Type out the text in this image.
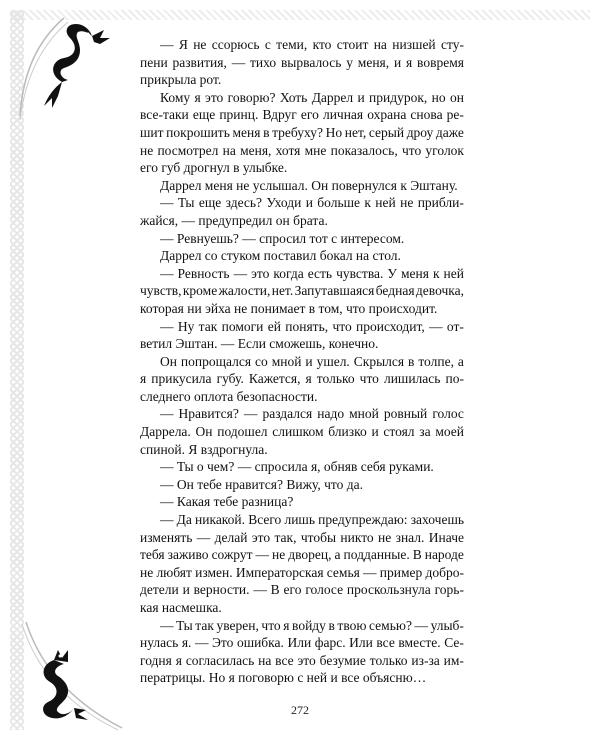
— Я не ссорюсь с теми, кто стоит на низшей сту-
пени развития, — тихо вырвалось у меня, и я вовремя
прикрыла рот.
Кому я это говорю? Хоть Даррел и придурок, но он
все-таки еще принц. Вдруг его личная охрана снова ре-
шит покрошить меня в требуху? Но нет, серый дроу даже
не посмотрел на меня, хотя мне показалось, что уголок
его губ дрогнул в улыбке.
Даррел меня не услышал. Он повернулся к Эштану.
— Ты еще здесь? Уходи и больше к ней не прибли-
жайся, — предупредил он брата.
— Ревнуешь? — спросил тот с интересом.
Даррел со стуком поставил бокал на стол.
— Ревность — это когда есть чувства. У меня к ней
чувств, кроме жалости, нет. Запутавшаяся бедная девочка,
которая ни эйха не понимает в том, что происходит.
— Ну так помоги ей понять, что происходит, — от-
ветил Эштан. — Если сможешь, конечно.
Он попрощался со мной и ушел. Скрылся в толпе, а
я прикусила губу. Кажется, я только что лишилась по-
следнего оплота безопасности.
— Нравится? — раздался надо мной ровный голос
Даррела. Он подошел слишком близко и стоял за моей
спиной. Я вздрогнула.
— Ты о чем? — спросила я, обняв себя руками.
— Он тебе нравится? Вижу, что да.
— Какая тебе разница?
— Да никакой. Всего лишь предупреждаю: захочешь
изменять — делай это так, чтобы никто не знал. Иначе
тебя заживо сожрут — не дворец, а подданные. В народе
не любят измен. Императорская семья — пример добро-
детели и верности. — В его голосе проскользнула горь-
кая насмешка.
— Ты так уверен, что я войду в твою семью? — улыб-
нулась я. — Это ошибка. Или фарс. Или все вместе. Се-
годня я согласилась на все это безумие только из-за им-
ператрицы. Но я поговорю с ней и все объясню…
272
